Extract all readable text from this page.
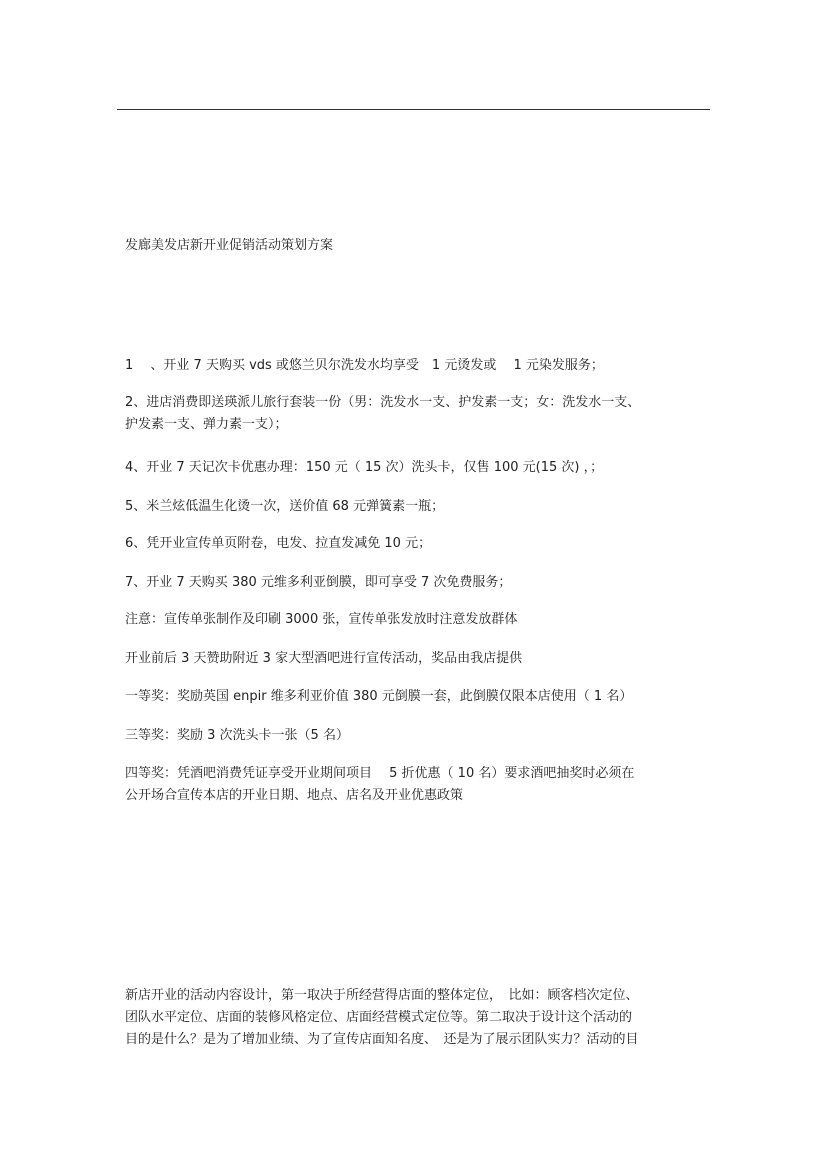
发廊美发店新开业促销活动策划方案

1　 、开业 7 天购买 vds 或悠兰贝尔洗发水均享受　1 元烫发或　 1 元染发服务；

2、进店消费即送瑛派儿旅行套装一份（男：洗发水一支、护发素一支；女：洗发水一支、
护发素一支、弹力素一支）；

4、开业 7 天记次卡优惠办理：150 元（ 15 次）洗头卡，仅售 100 元(15 次) ，；

5、米兰炫低温生化烫一次，送价值 68 元弹簧素一瓶；

6、凭开业宣传单页附卷，电发、拉直发减免 10 元；

7、开业 7 天购买 380 元维多利亚倒膜，即可享受 7 次免费服务；

注意：宣传单张制作及印刷 3000 张，宣传单张发放时注意发放群体

开业前后 3 天赞助附近 3 家大型酒吧进行宣传活动，奖品由我店提供

一等奖：奖励英国 enpir 维多利亚价值 380 元倒膜一套，此倒膜仅限本店使用（ 1 名）

三等奖：奖励 3 次洗头卡一张（5 名）

四等奖：凭酒吧消费凭证享受开业期间项目　 5 折优惠（ 10 名）要求酒吧抽奖时必须在
公开场合宣传本店的开业日期、地点、店名及开业优惠政策

新店开业的活动内容设计，第一取决于所经营得店面的整体定位，　比如：顾客档次定位、
团队水平定位、店面的装修风格定位、店面经营模式定位等。第二取决于设计这个活动的
目的是什么？是为了增加业绩、为了宣传店面知名度、　还是为了展示团队实力？活动的目
